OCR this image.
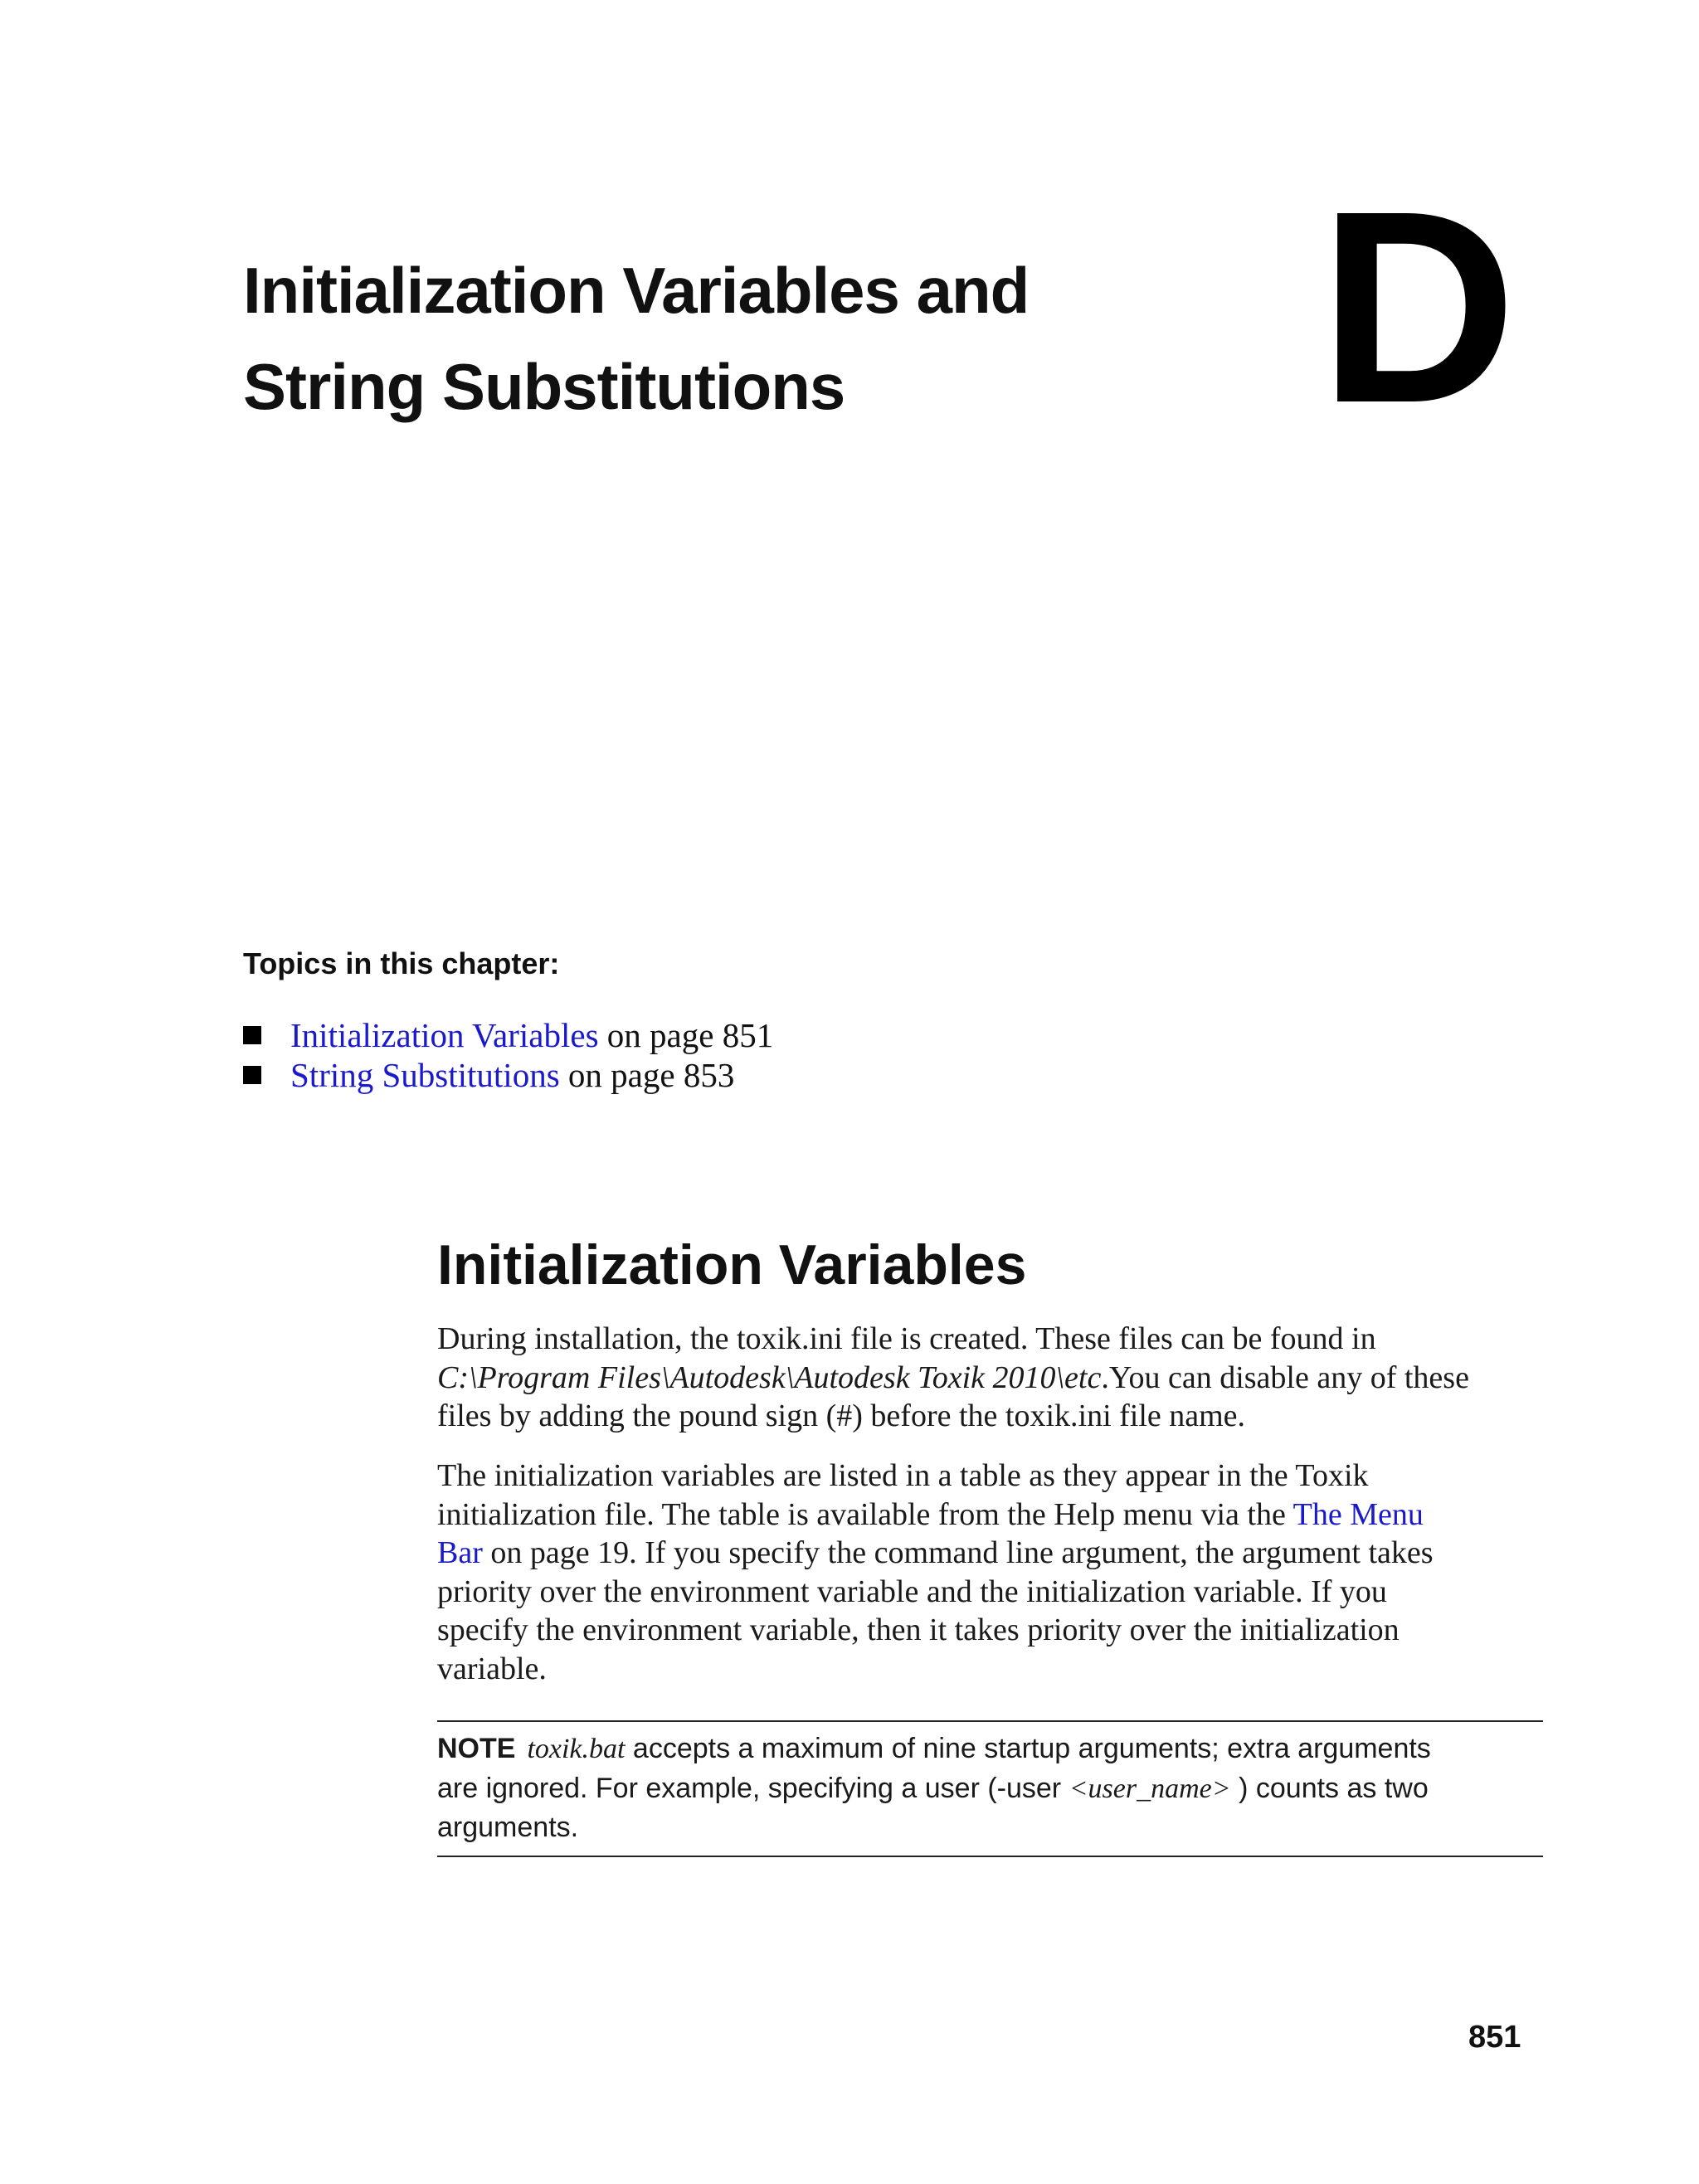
Initialization Variables and
String Substitutions	D
Topics in this chapter:
Initialization Variables on page 851
String Substitutions on page 853
Initialization Variables

During installation, the toxik.ini file is created. These files can be found in
C:\Program Files\Autodesk\Autodesk Toxik 2010\etc.You can disable any of these
files by adding the pound sign (#) before the toxik.ini file name.

The initialization variables are listed in a table as they appear in the Toxik
initialization file. The table is available from the Help menu via the The Menu
Bar on page 19. If you specify the command line argument, the argument takes
priority over the environment variable and the initialization variable. If you
specify the environment variable, then it takes priority over the initialization
variable.

NOTE toxik.bat accepts a maximum of nine startup arguments; extra arguments
are ignored. For example, specifying a user (-user <user_name> ) counts as two
arguments.
851
